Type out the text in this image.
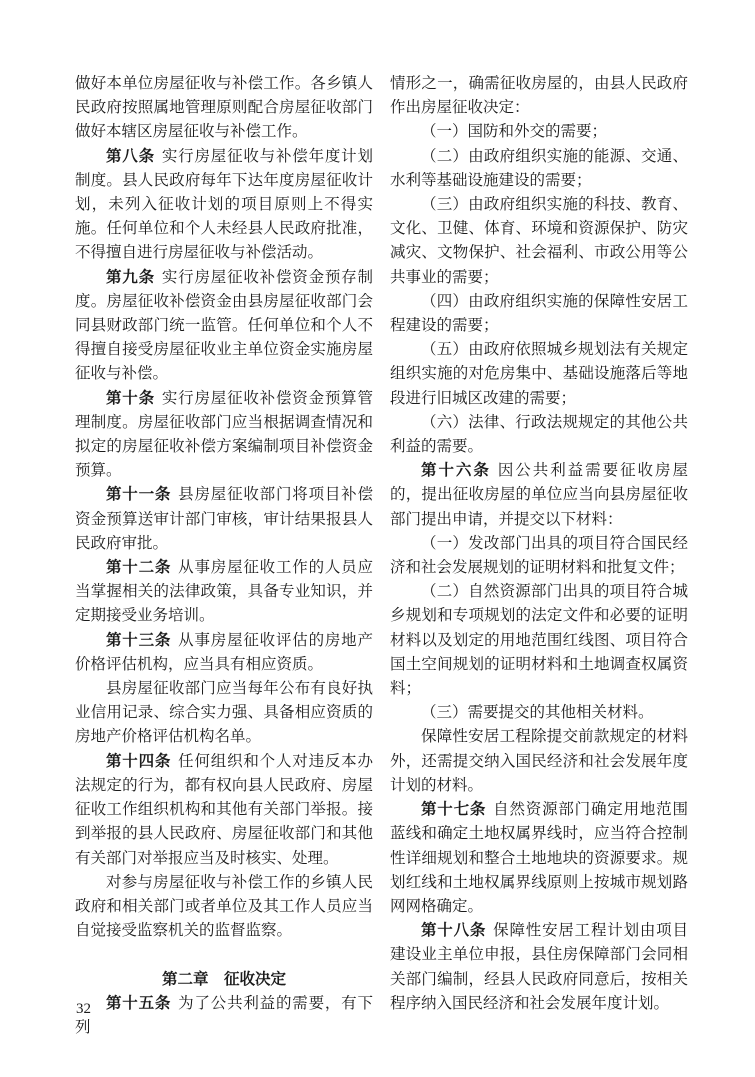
做好本单位房屋征收与补偿工作。各乡镇人民政府按照属地管理原则配合房屋征收部门做好本辖区房屋征收与补偿工作。

第八条 实行房屋征收与补偿年度计划制度。县人民政府每年下达年度房屋征收计划，未列入征收计划的项目原则上不得实施。任何单位和个人未经县人民政府批准，不得擅自进行房屋征收与补偿活动。

第九条 实行房屋征收补偿资金预存制度。房屋征收补偿资金由县房屋征收部门会同县财政部门统一监管。任何单位和个人不得擅自接受房屋征收业主单位资金实施房屋征收与补偿。

第十条 实行房屋征收补偿资金预算管理制度。房屋征收部门应当根据调查情况和拟定的房屋征收补偿方案编制项目补偿资金预算。

第十一条 县房屋征收部门将项目补偿资金预算送审计部门审核，审计结果报县人民政府审批。

第十二条 从事房屋征收工作的人员应当掌握相关的法律政策，具备专业知识，并定期接受业务培训。

第十三条 从事房屋征收评估的房地产价格评估机构，应当具有相应资质。

县房屋征收部门应当每年公布有良好执业信用记录、综合实力强、具备相应资质的房地产价格评估机构名单。

第十四条 任何组织和个人对违反本办法规定的行为，都有权向县人民政府、房屋征收工作组织机构和其他有关部门举报。接到举报的县人民政府、房屋征收部门和其他有关部门对举报应当及时核实、处理。

对参与房屋征收与补偿工作的乡镇人民政府和相关部门或者单位及其工作人员应当自觉接受监察机关的监督监察。

第二章　征收决定

第十五条 为了公共利益的需要，有下列

情形之一，确需征收房屋的，由县人民政府作出房屋征收决定：

（一）国防和外交的需要；

（二）由政府组织实施的能源、交通、水利等基础设施建设的需要；

（三）由政府组织实施的科技、教育、文化、卫健、体育、环境和资源保护、防灾减灾、文物保护、社会福利、市政公用等公共事业的需要；

（四）由政府组织实施的保障性安居工程建设的需要；

（五）由政府依照城乡规划法有关规定组织实施的对危房集中、基础设施落后等地段进行旧城区改建的需要；

（六）法律、行政法规规定的其他公共利益的需要。

第十六条 因公共利益需要征收房屋的，提出征收房屋的单位应当向县房屋征收部门提出申请，并提交以下材料：

（一）发改部门出具的项目符合国民经济和社会发展规划的证明材料和批复文件；

（二）自然资源部门出具的项目符合城乡规划和专项规划的法定文件和必要的证明材料以及划定的用地范围红线图、项目符合国土空间规划的证明材料和土地调查权属资料；

（三）需要提交的其他相关材料。

保障性安居工程除提交前款规定的材料外，还需提交纳入国民经济和社会发展年度计划的材料。

第十七条 自然资源部门确定用地范围蓝线和确定土地权属界线时，应当符合控制性详细规划和整合土地地块的资源要求。规划红线和土地权属界线原则上按城市规划路网网格确定。

第十八条 保障性安居工程计划由项目建设业主单位申报，县住房保障部门会同相关部门编制，经县人民政府同意后，按相关程序纳入国民经济和社会发展年度计划。

32
